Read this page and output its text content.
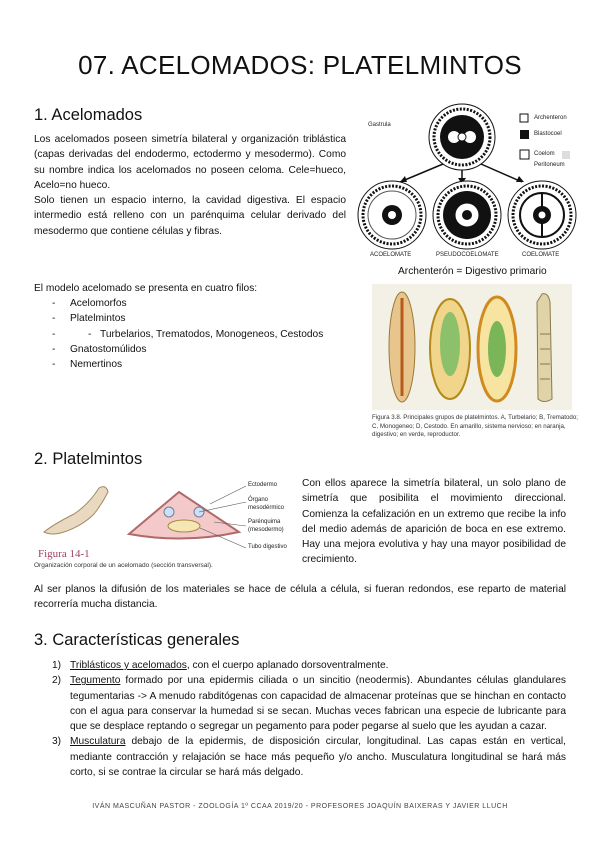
07. ACELOMADOS: PLATELMINTOS
1. Acelomados
Los acelomados poseen simetría bilateral y organización triblástica (capas derivadas del endodermo, ectodermo y mesodermo). Como su nombre indica los acelomados no poseen celoma. Cele=hueco, Acelo=no hueco.
Solo tienen un espacio interno, la cavidad digestiva. El espacio intermedio está relleno con un parénquima celular derivado del mesodermo que contiene células y fibras.
Gastrula
Archenteron
Blastocoel
Coelom
Peritoneum
ACOELOMATE	PSEUDOCOELOMATE	COELOMATE
Archenterón = Digestivo primario
El modelo acelomado se presenta en cuatro filos:
- Acelomorfos
- Platelmintos
- - Turbelarios, Trematodos, Monogeneos, Cestodos
- Gnatostomúlidos
- Nemertinos
Figura 3.8. Principales grupos de platelmintos. A, Turbelario; B, Trematodo; C, Monogeneo; D, Cestodo. En amarillo, sistema nervioso; en naranja, digestivo; en verde, reproductor.
2. Platelmintos
Ectodermo
Órgano mesodérmico
Parénquima (mesodermo)
Tubo digestivo
Figura 14-1
Organización corporal de un acelomado (sección transversal).
Con ellos aparece la simetría bilateral, un solo plano de simetría que posibilita el movimiento direccional. Comienza la cefalización en un extremo que recibe la info del medio además de aparición de boca en ese extremo. Hay una mejora evolutiva y hay una mayor posibilidad de crecimiento.
Al ser planos la difusión de los materiales se hace de célula a célula, si fueran redondos, ese reparto de material recorrería mucha distancia.
3. Características generales
1) Triblásticos y acelomados, con el cuerpo aplanado dorsoventralmente.
2) Tegumento formado por una epidermis ciliada o un sincitio (neodermis). Abundantes células glandulares tegumentarias -> A menudo rabditógenas con capacidad de almacenar proteínas que se hinchan en contacto con el agua para conservar la humedad si se secan. Muchas veces fabrican una especie de lubricante para que se desplace reptando o segregar un pegamento para poder pegarse al suelo que les ayudan a cazar.
3) Musculatura debajo de la epidermis, de disposición circular, longitudinal. Las capas están en vertical, mediante contracción y relajación se hace más pequeño y/o ancho. Musculatura longitudinal se hará más corto, si se contrae la circular se hará más delgado.
IVÁN MASCUÑAN PASTOR - ZOOLOGÍA 1º CCAA 2019/20 - PROFESORES JOAQUÍN BAIXERAS Y JAVIER LLUCH
